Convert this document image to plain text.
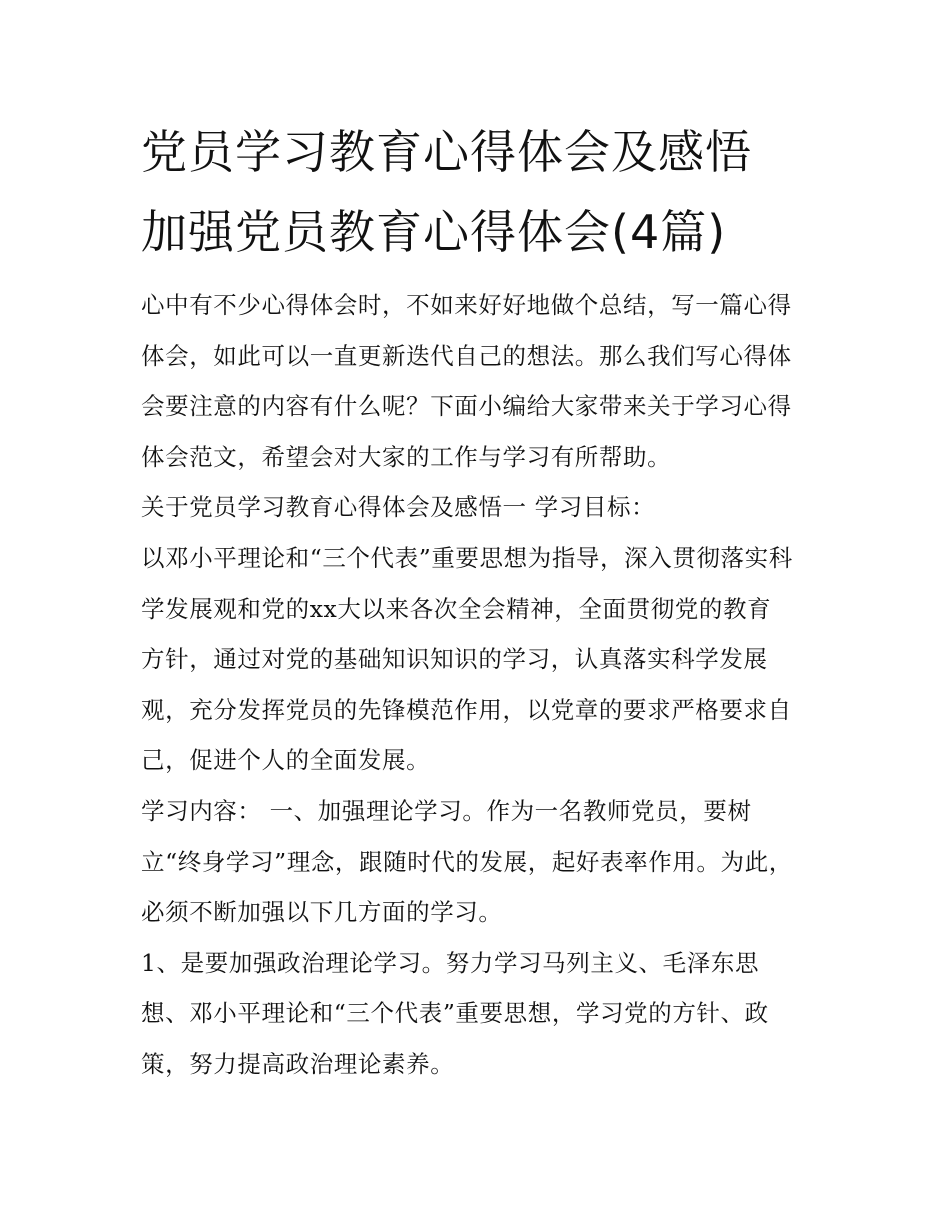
党员学习教育心得体会及感悟
加强党员教育心得体会(4篇)

心中有不少心得体会时，不如来好好地做个总结，写一篇心得
体会，如此可以一直更新迭代自己的想法。那么我们写心得体
会要注意的内容有什么呢？下面小编给大家带来关于学习心得
体会范文，希望会对大家的工作与学习有所帮助。

关于党员学习教育心得体会及感悟一 学习目标：

以邓小平理论和“三个代表”重要思想为指导，深入贯彻落实科
学发展观和党的xx大以来各次全会精神，全面贯彻党的教育
方针，通过对党的基础知识知识的学习，认真落实科学发展
观，充分发挥党员的先锋模范作用，以党章的要求严格要求自
己，促进个人的全面发展。

学习内容： 一、加强理论学习。作为一名教师党员，要树
立“终身学习”理念，跟随时代的发展，起好表率作用。为此，
必须不断加强以下几方面的学习。

1、是要加强政治理论学习。努力学习马列主义、毛泽东思
想、邓小平理论和“三个代表”重要思想，学习党的方针、政
策，努力提高政治理论素养。
